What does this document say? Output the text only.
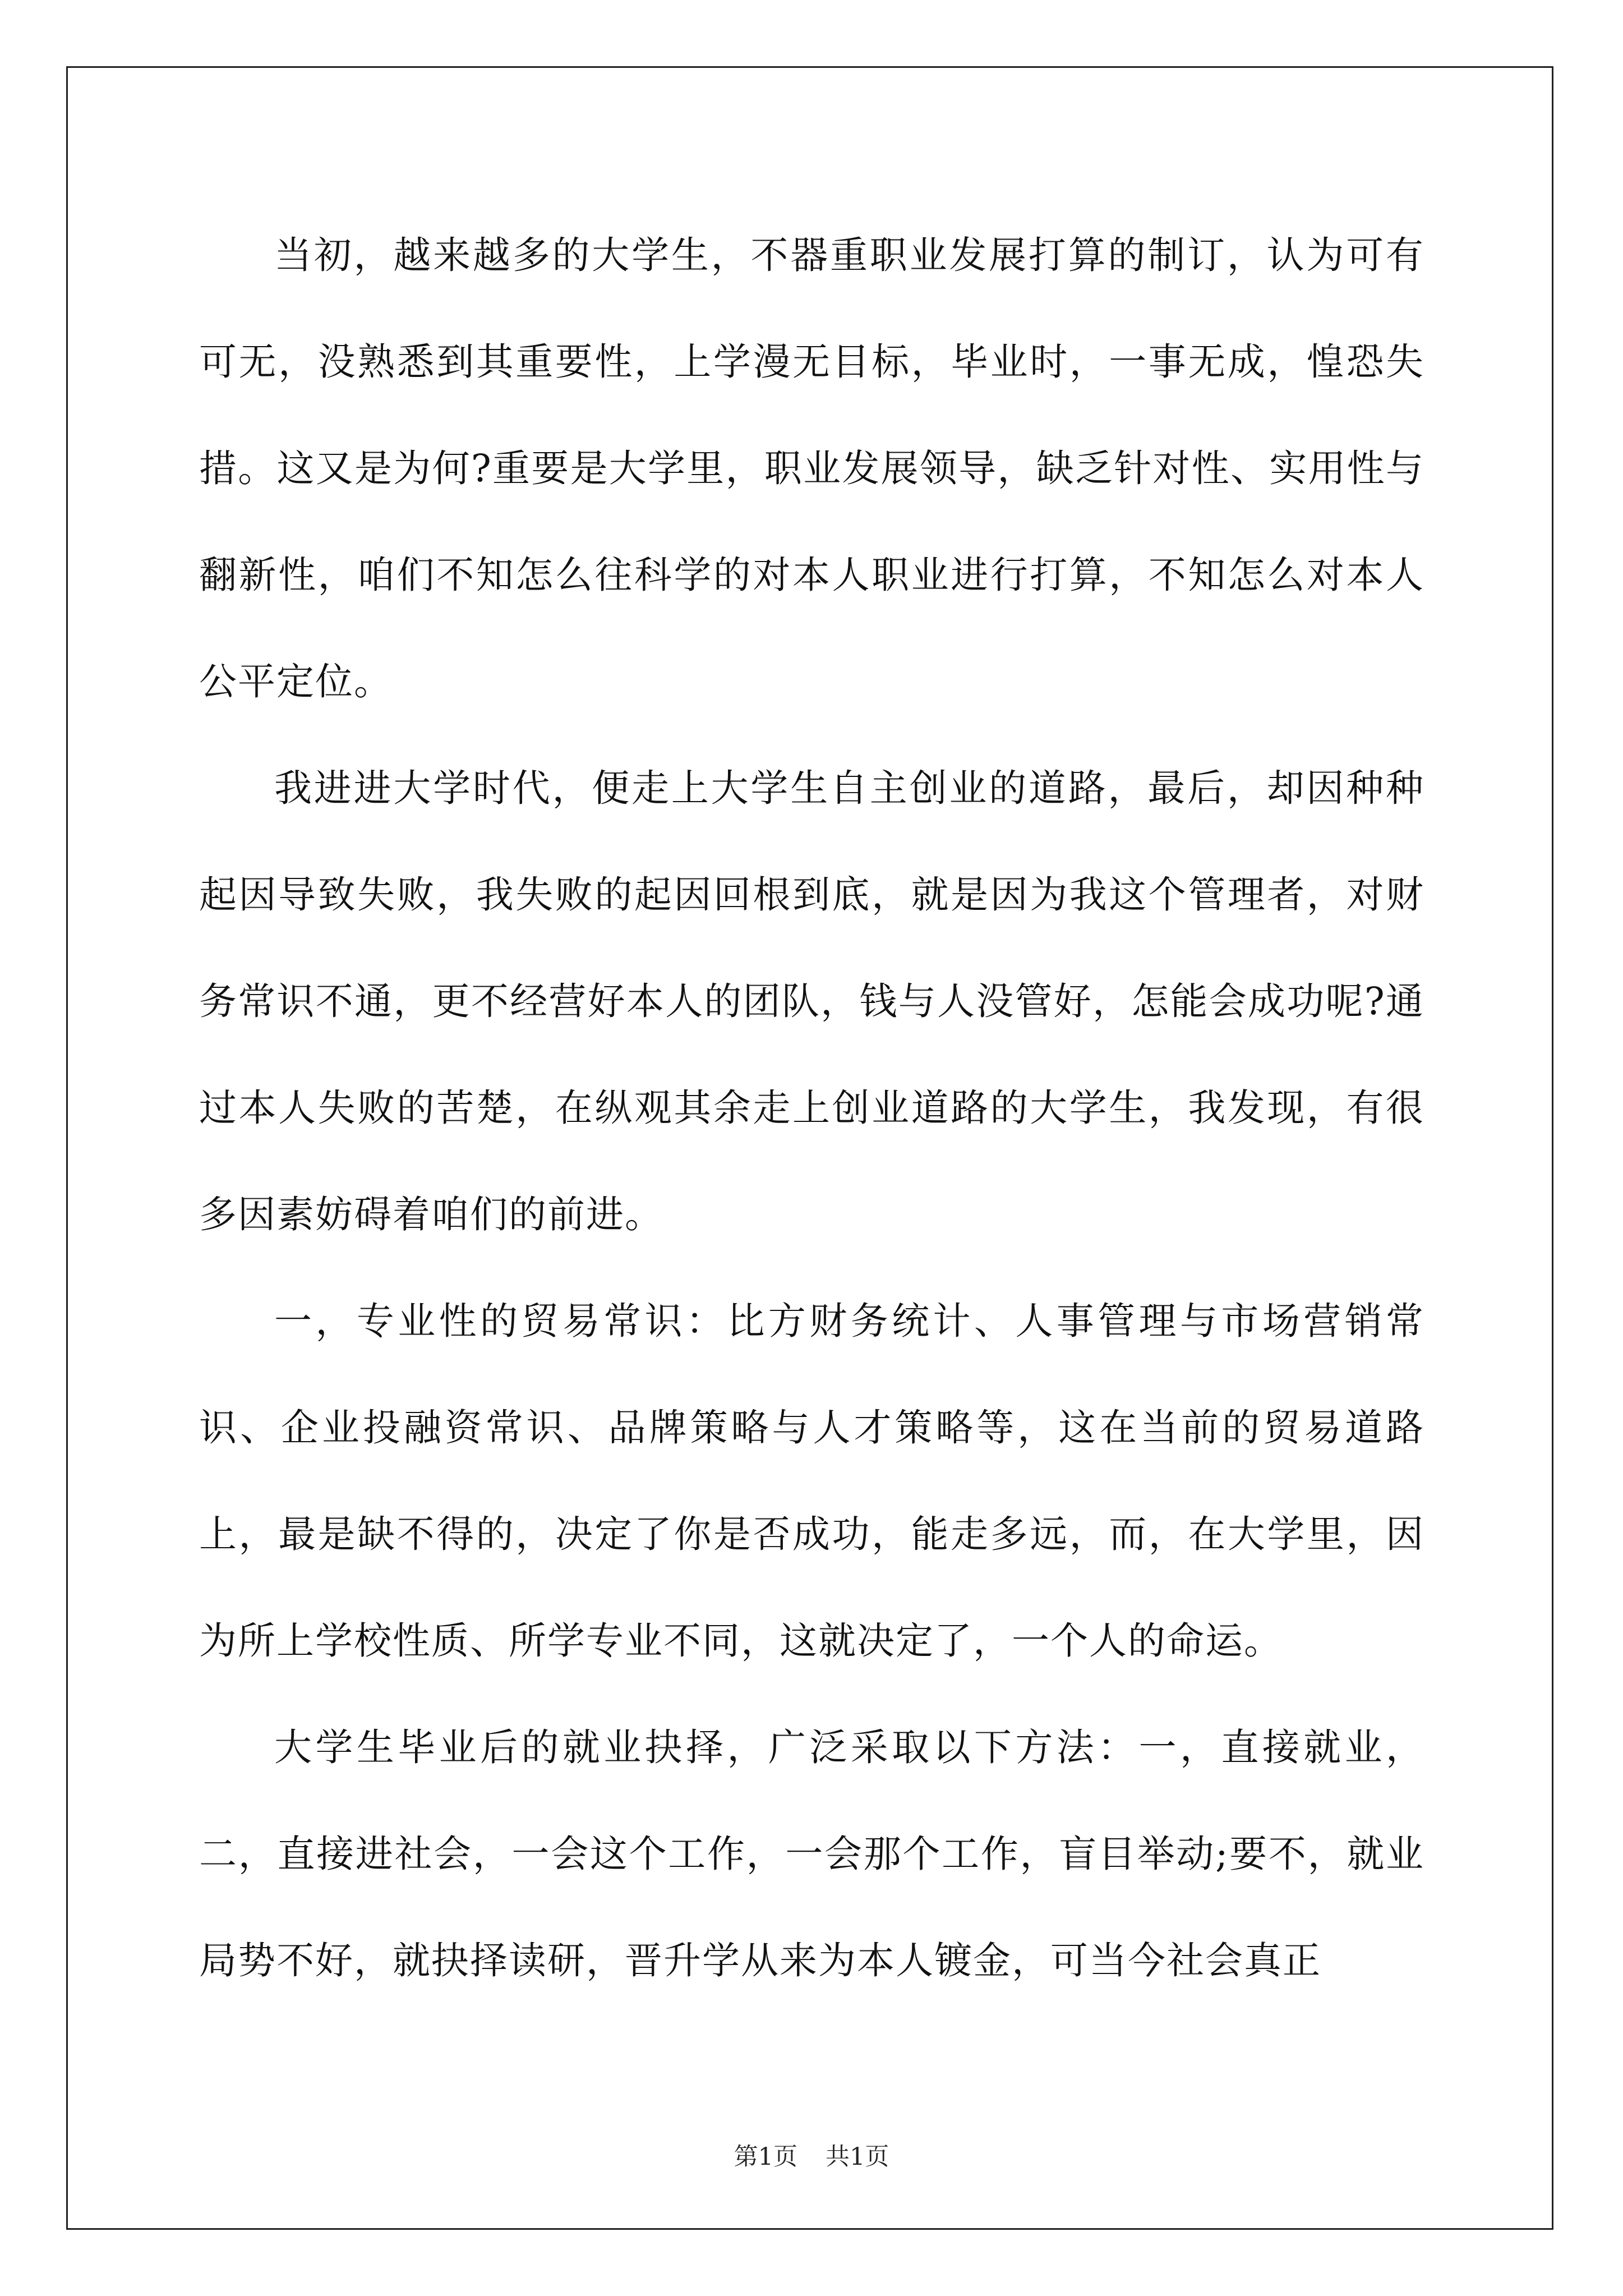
当初，越来越多的大学生，不器重职业发展打算的制订，认为可有可无，没熟悉到其重要性，上学漫无目标，毕业时，一事无成，惶恐失措。这又是为何?重要是大学里，职业发展领导，缺乏针对性、实用性与翻新性，咱们不知怎么往科学的对本人职业进行打算，不知怎么对本人公平定位。

我进进大学时代，便走上大学生自主创业的道路，最后，却因种种起因导致失败，我失败的起因回根到底，就是因为我这个管理者，对财务常识不通，更不经营好本人的团队，钱与人没管好，怎能会成功呢?通过本人失败的苦楚，在纵观其余走上创业道路的大学生，我发现，有很多因素妨碍着咱们的前进。

一，专业性的贸易常识：比方财务统计、人事管理与市场营销常识、企业投融资常识、品牌策略与人才策略等，这在当前的贸易道路上，最是缺不得的，决定了你是否成功，能走多远，而，在大学里，因为所上学校性质、所学专业不同，这就决定了，一个人的命运。

大学生毕业后的就业抉择，广泛采取以下方法：一，直接就业，二，直接进社会，一会这个工作，一会那个工作，盲目举动;要不，就业局势不好，就抉择读研，晋升学从来为本人镀金，可当今社会真正

第1页 共1页
